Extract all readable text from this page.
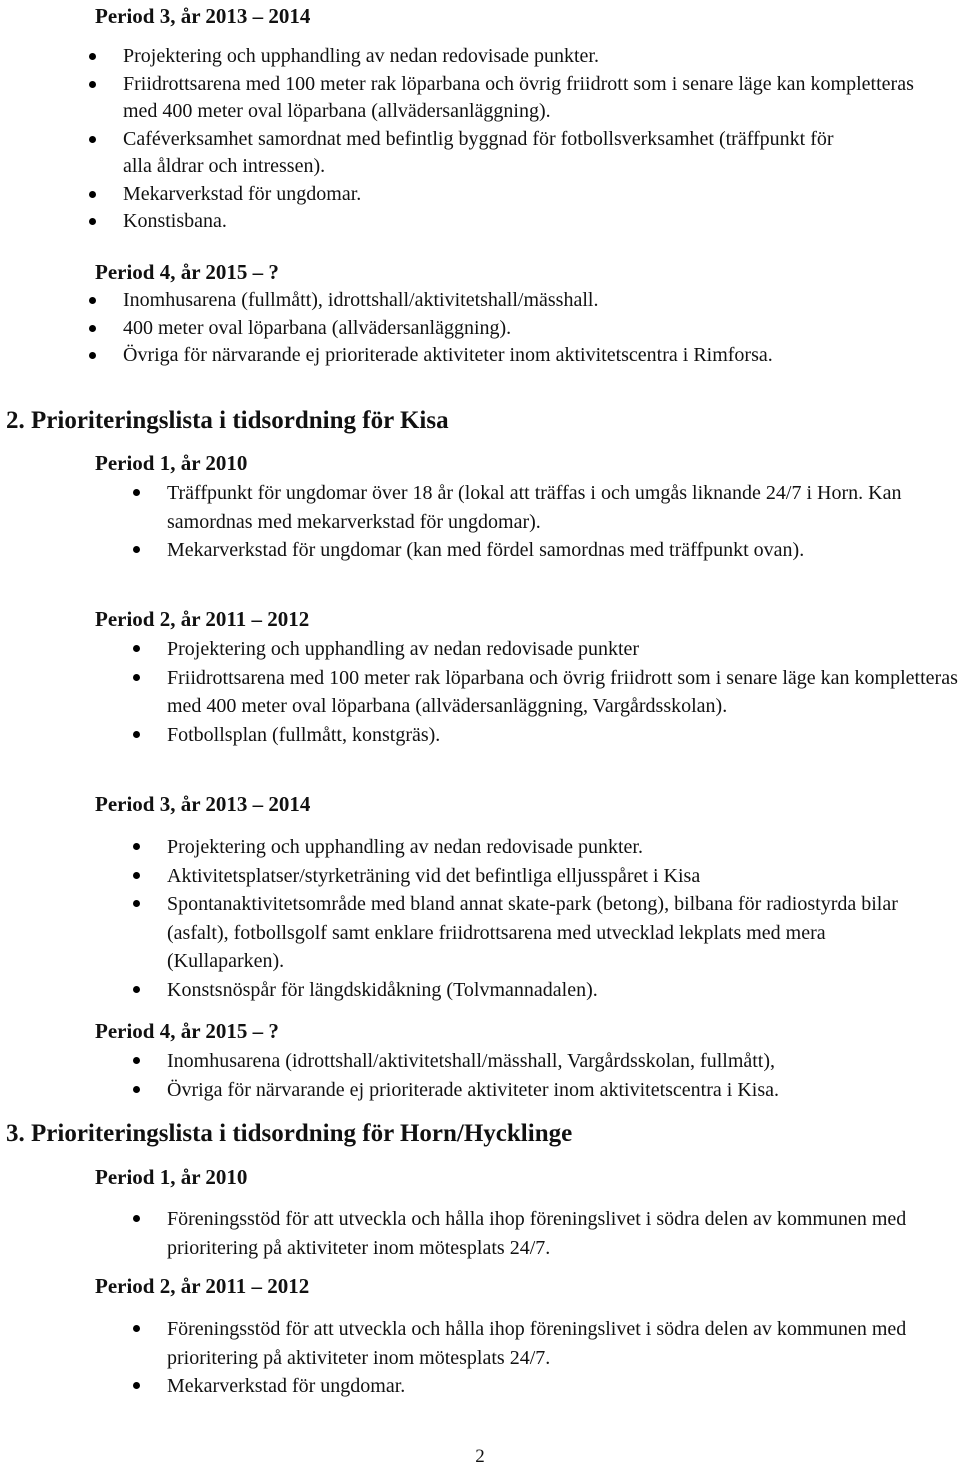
Period 3, år 2013 – 2014

Projektering och upphandling av nedan redovisade punkter.
Friidrottsarena med 100 meter rak löparbana och övrig friidrott som i senare läge kan kompletteras med 400 meter oval löparbana (allvädersanläggning).
Caféverksamhet samordnat med befintlig byggnad för fotbollsverksamhet (träffpunkt för alla åldrar och intressen).
Mekarverkstad för ungdomar.
Konstisbana.

Period 4, år 2015 – ?

Inomhusarena (fullmått), idrottshall/aktivitetshall/mässhall.
400 meter oval löparbana (allvädersanläggning).
Övriga för närvarande ej prioriterade aktiviteter inom aktivitetscentra i Rimforsa.

2. Prioriteringslista i tidsordning för Kisa

Period 1, år 2010

Träffpunkt för ungdomar över 18 år (lokal att träffas i och umgås liknande 24/7 i Horn. Kan samordnas med mekarverkstad för ungdomar).
Mekarverkstad för ungdomar (kan med fördel samordnas med träffpunkt ovan).

Period 2, år 2011 – 2012

Projektering och upphandling av nedan redovisade punkter
Friidrottsarena med 100 meter rak löparbana och övrig friidrott som i senare läge kan kompletteras med 400 meter oval löparbana (allvädersanläggning, Vargårdsskolan).
Fotbollsplan (fullmått, konstgräs).

Period 3, år 2013 – 2014

Projektering och upphandling av nedan redovisade punkter.
Aktivitetsplatser/styrketräning vid det befintliga elljusspåret i Kisa
Spontanaktivitetsområde med bland annat skate-park (betong), bilbana för radiostyrda bilar (asfalt), fotbollsgolf samt enklare friidrottsarena med utvecklad lekplats med mera (Kullaparken).
Konstsnöspår för längdskidåkning (Tolvmannadalen).

Period 4, år 2015 – ?

Inomhusarena (idrottshall/aktivitetshall/mässhall, Vargårdsskolan, fullmått),
Övriga för närvarande ej prioriterade aktiviteter inom aktivitetscentra i Kisa.

3. Prioriteringslista i tidsordning för Horn/Hycklinge

Period 1, år 2010

Föreningsstöd för att utveckla och hålla ihop föreningslivet i södra delen av kommunen med prioritering på aktiviteter inom mötesplats 24/7.

Period 2, år 2011 – 2012

Föreningsstöd för att utveckla och hålla ihop föreningslivet i södra delen av kommunen med prioritering på aktiviteter inom mötesplats 24/7.
Mekarverkstad för ungdomar.
2
